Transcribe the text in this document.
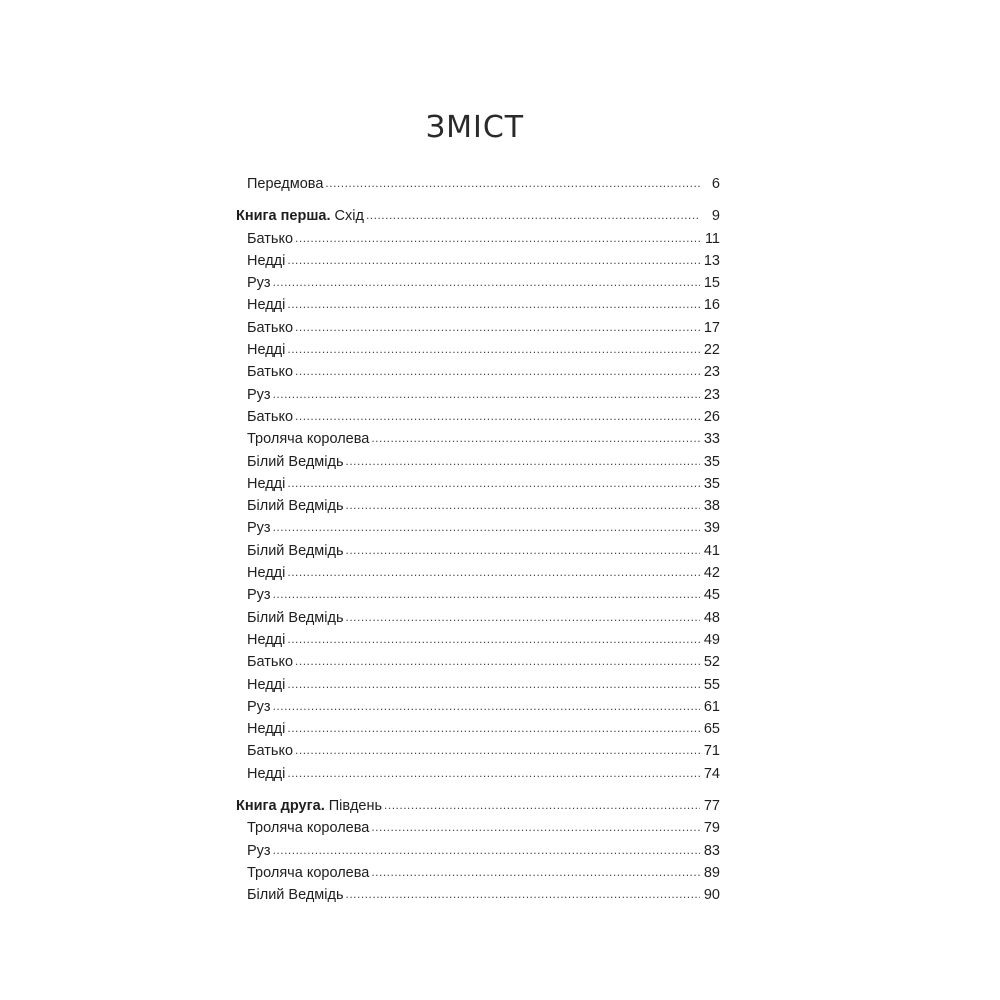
ЗМІСТ
Передмова .....	6
Книга перша. Схід .....	9
Батько .....	11
Недді .....	13
Руз .....	15
Недді .....	16
Батько .....	17
Недді .....	22
Батько .....	23
Руз .....	23
Батько .....	26
Троляча королева .....	33
Білий Ведмідь .....	35
Недді .....	35
Білий Ведмідь .....	38
Руз .....	39
Білий Ведмідь .....	41
Недді .....	42
Руз .....	45
Білий Ведмідь .....	48
Недді .....	49
Батько .....	52
Недді .....	55
Руз .....	61
Недді .....	65
Батько .....	71
Недді .....	74
Книга друга. Південь .....	77
Троляча королева .....	79
Руз .....	83
Троляча королева .....	89
Білий Ведмідь .....	90
